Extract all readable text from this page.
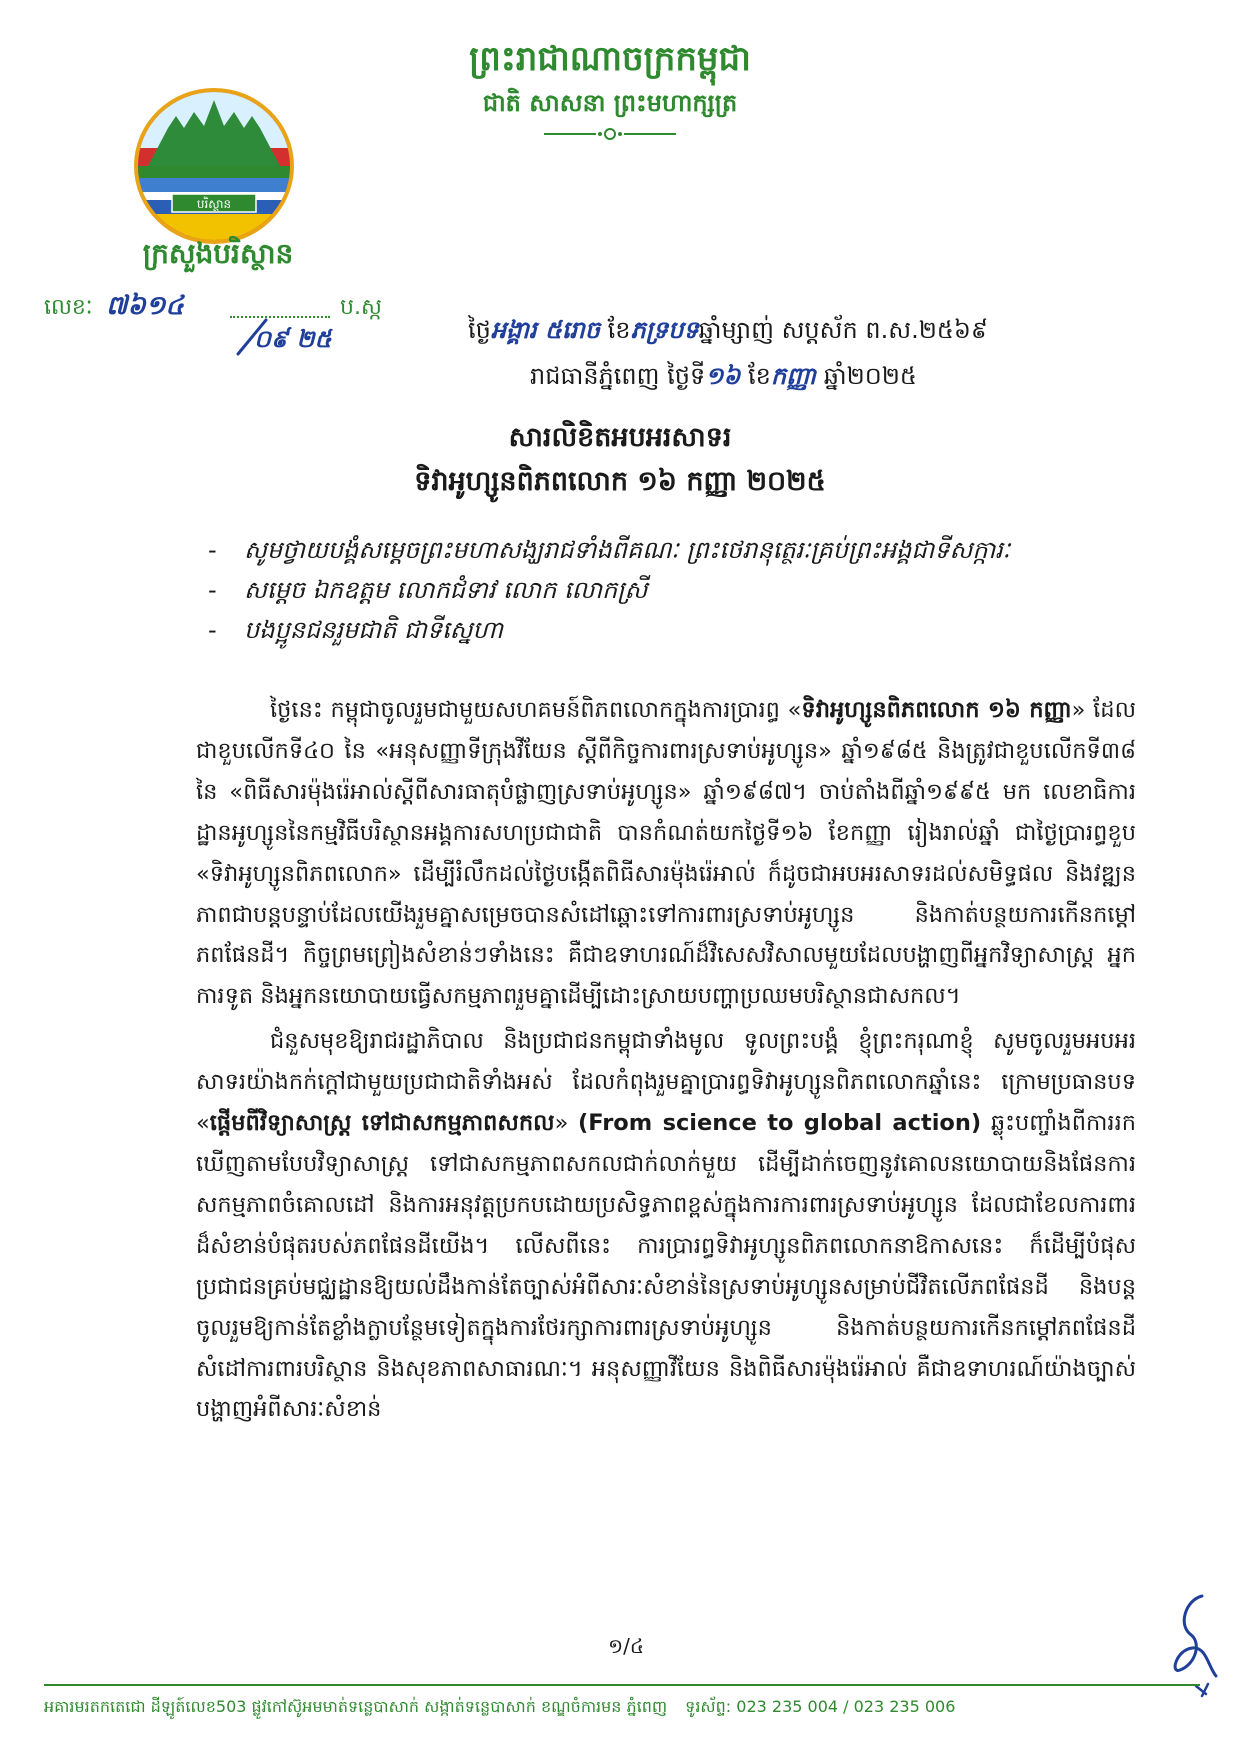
ព្រះរាជាណាចក្រកម្ពុជា
ជាតិ សាសនា ព្រះមហាក្សត្រ
បរិស្ថាន
ក្រសួងបរិស្ថាន
លេខៈ ៧៦១៤	ប.ស្ក
០៩ ២៥	ថ្ងៃអង្គារ ៥រោច ខែភទ្របទឆ្នាំម្សាញ់ សប្តស័ក ព.ស.២៥៦៩
រាជធានីភ្នំពេញ ថ្ងៃទី១៦ ខែកញ្ញា ឆ្នាំ២០២៥
សារលិខិតអបអរសាទរ
ទិវាអូហ្សូនពិភពលោក ១៦ កញ្ញា ២០២៥
- សូមថ្វាយបង្គំសម្តេចព្រះមហាសង្ឃរាជទាំងពីគណៈ ព្រះថេរានុត្ថេរៈគ្រប់ព្រះអង្គជាទីសក្ការៈ
- សម្តេច ឯកឧត្តម លោកជំទាវ លោក លោកស្រី
- បងប្អូនជនរួមជាតិ ជាទីស្នេហា

ថ្ងៃនេះ កម្ពុជាចូលរួមជាមួយសហគមន៍ពិភពលោកក្នុងការប្រារព្ធ «ទិវាអូហ្សូនពិភពលោក ១៦ កញ្ញា» ដែលជាខួបលើកទី៤០ នៃ «អនុសញ្ញាទីក្រុងវីយែន ស្តីពីកិច្ចការពារស្រទាប់អូហ្សូន» ឆ្នាំ១៩៨៥ និងត្រូវជាខួបលើកទី៣៨ នៃ «ពិធីសារម៉ុងរ៉េអាល់ស្តីពីសារធាតុបំផ្លាញស្រទាប់អូហ្សូន» ឆ្នាំ១៩៨៧។ ចាប់តាំងពីឆ្នាំ១៩៩៥ មក លេខាធិការដ្ឋានអូហ្សូននៃកម្មវិធីបរិស្ថានអង្គការសហប្រជាជាតិ បានកំណត់យកថ្ងៃទី១៦ ខែកញ្ញា រៀងរាល់ឆ្នាំ ជាថ្ងៃប្រារព្ធខួប «ទិវាអូហ្សូនពិភពលោក» ដើម្បីរំលឹកដល់ថ្ងៃបង្កើតពិធីសារម៉ុងរ៉េអាល់ ក៏ដូចជាអបអរសាទរដល់សមិទ្ធផល និងវឌ្ឍនភាពជាបន្តបន្ទាប់ដែលយើងរួមគ្នាសម្រេចបានសំដៅឆ្ពោះទៅការពារស្រទាប់អូហ្សូន និងកាត់បន្ថយការកើនកម្តៅភពផែនដី។ កិច្ចព្រមព្រៀងសំខាន់ៗទាំងនេះ គឺជាឧទាហរណ៍ដ៏វិសេសវិសាលមួយដែលបង្ហាញពីអ្នកវិទ្យាសាស្ត្រ អ្នកការទូត និងអ្នកនយោបាយធ្វើសកម្មភាពរួមគ្នាដើម្បីដោះស្រាយបញ្ហាប្រឈមបរិស្ថានជាសកល។

ជំនួសមុខឱ្យរាជរដ្ឋាភិបាល និងប្រជាជនកម្ពុជាទាំងមូល ទូលព្រះបង្គំ ខ្ញុំព្រះករុណាខ្ញុំ សូមចូលរួមអបអរសាទរយ៉ាងកក់ក្តៅជាមួយប្រជាជាតិទាំងអស់ ដែលកំពុងរួមគ្នាប្រារព្ធទិវាអូហ្សូនពិភពលោកឆ្នាំនេះ ក្រោមប្រធានបទ «ផ្តើមពីវិទ្យាសាស្ត្រ ទៅជាសកម្មភាពសកល» (From science to global action) ឆ្លុះបញ្ចាំងពីការរកឃើញតាមបែបវិទ្យាសាស្ត្រ ទៅជាសកម្មភាពសកលជាក់លាក់មួយ ដើម្បីដាក់ចេញនូវគោលនយោបាយនិងផែនការសកម្មភាពចំគោលដៅ និងការអនុវត្តប្រកបដោយប្រសិទ្ធភាពខ្ពស់ក្នុងការការពារស្រទាប់អូហ្សូន ដែលជាខែលការពារដ៏សំខាន់បំផុតរបស់ភពផែនដីយើង។ លើសពីនេះ ការប្រារព្ធទិវាអូហ្សូនពិភពលោកនាឱកាសនេះ ក៏ដើម្បីបំផុសប្រជាជនគ្រប់មជ្ឈដ្ឋានឱ្យយល់ដឹងកាន់តែច្បាស់អំពីសារៈសំខាន់នៃស្រទាប់អូហ្សូនសម្រាប់ជីវិតលើភពផែនដី និងបន្តចូលរួមឱ្យកាន់តែខ្លាំងក្លាបន្ថែមទៀតក្នុងការថែរក្សាការពារស្រទាប់អូហ្សូន និងកាត់បន្ថយការកើនកម្តៅភពផែនដី សំដៅការពារបរិស្ថាន និងសុខភាពសាធារណៈ។ អនុសញ្ញាវីយែន និងពិធីសារម៉ុងរ៉េអាល់ គឺជាឧទាហរណ៍យ៉ាងច្បាស់បង្ហាញអំពីសារៈសំខាន់

១/៤
អគារមរតកតេជោ ដីឡូត៍លេខ503 ផ្លូវកៅស៊ូអមមាត់ទន្លេបាសាក់ សង្កាត់ទន្លេបាសាក់ ខណ្ឌចំការមន ភ្នំពេញ ទូរស័ព្ទ: 023 235 004 / 023 235 006
